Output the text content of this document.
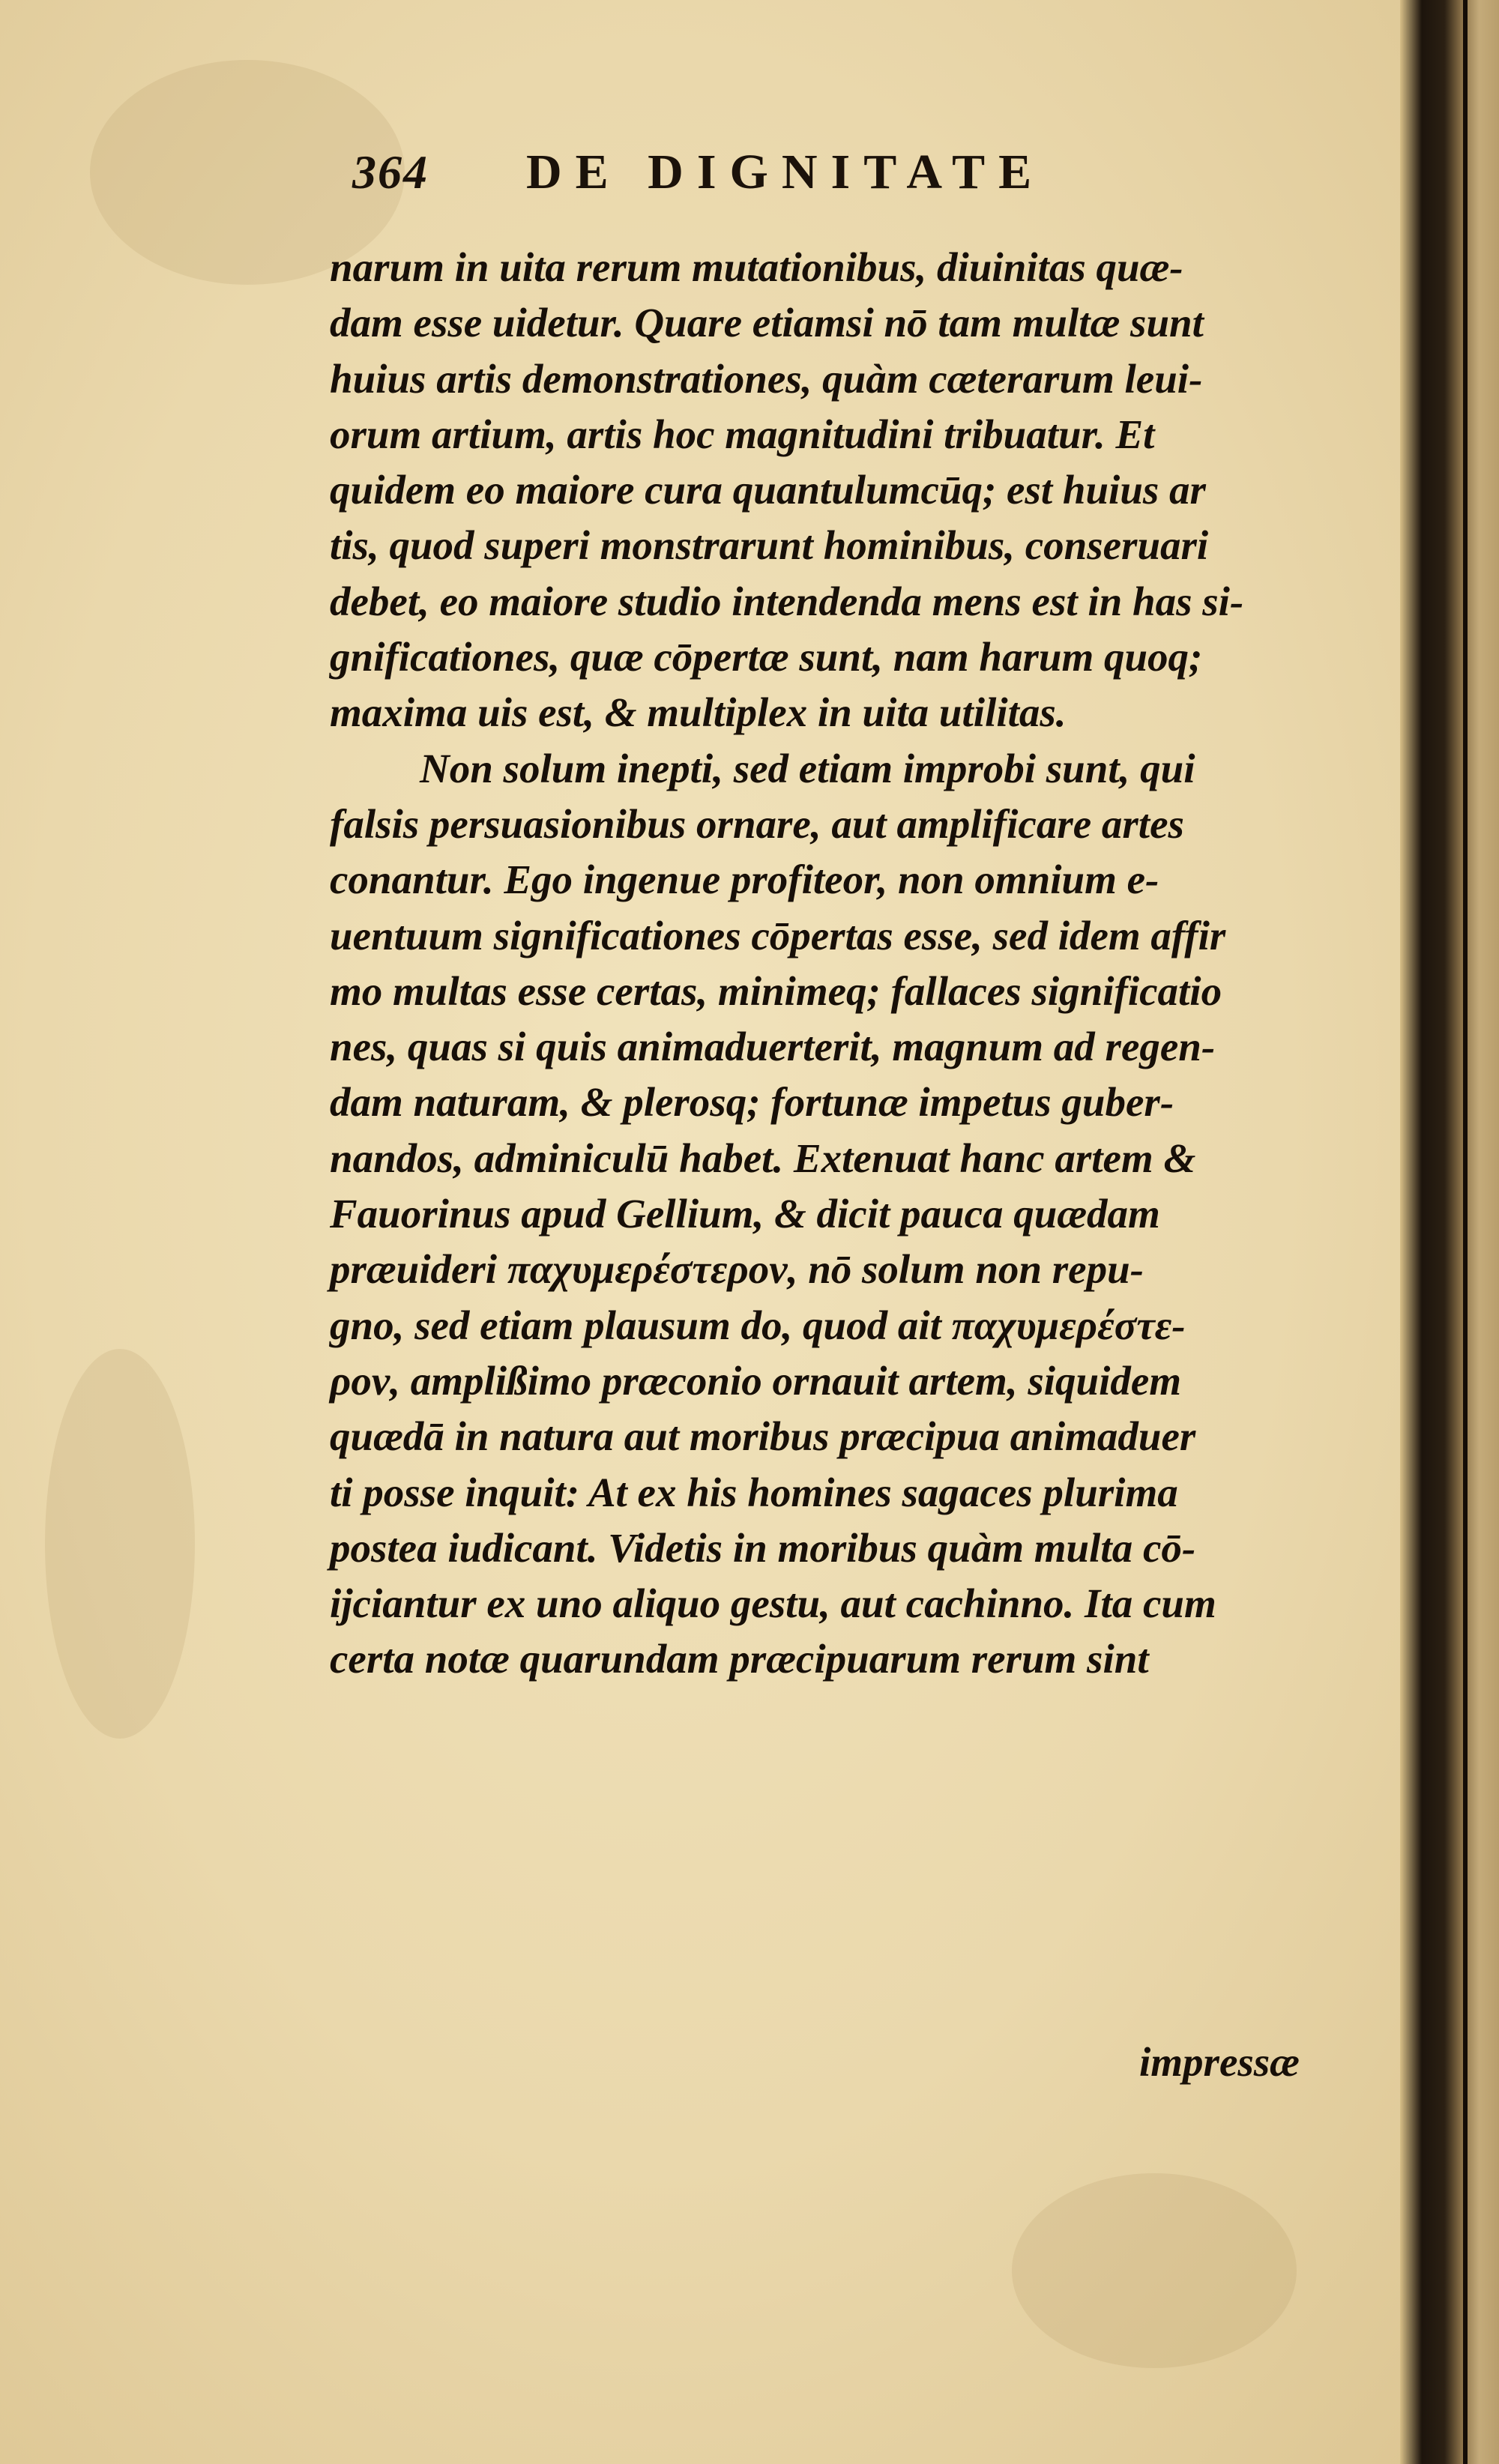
364 DE DIGNITATE
narum in uita rerum mutationibus, diuinitas quæ-
dam esse uidetur. Quare etiamsi nō tam multæ sunt
huius artis demonstrationes, quàm cæterarum leui-
orum artium, artis hoc magnitudini tribuatur. Et
quidem eo maiore cura quantulumcūq; est huius ar
tis, quod superi monstrarunt hominibus, conseruari
debet, eo maiore studio intendenda mens est in has si-
gnificationes, quæ cōpertæ sunt, nam harum quoq;
maxima uis est, & multiplex in uita utilitas.
Non solum inepti, sed etiam improbi sunt, qui
falsis persuasionibus ornare, aut amplificare artes
conantur. Ego ingenue profiteor, non omnium e-
uentuum significationes cōpertas esse, sed idem affir
mo multas esse certas, minimeq; fallaces significatio
nes, quas si quis animaduerterit, magnum ad regen-
dam naturam, & plerosq; fortunæ impetus guber-
nandos, adminiculū habet. Extenuat hanc artem &
Fauorinus apud Gellium, & dicit pauca quædam
præuideri παχυμερέστερον, nō solum non repu-
gno, sed etiam plausum do, quod ait παχυμερέστε-
ρον, amplißimo præconio ornauit artem, siquidem
quædā in natura aut moribus præcipua animaduer
ti posse inquit: At ex his homines sagaces plurima
postea iudicant. Videtis in moribus quàm multa cō-
ijciantur ex uno aliquo gestu, aut cachinno. Ita cum
certa notæ quarundam præcipuarum rerum sint
impressæ
